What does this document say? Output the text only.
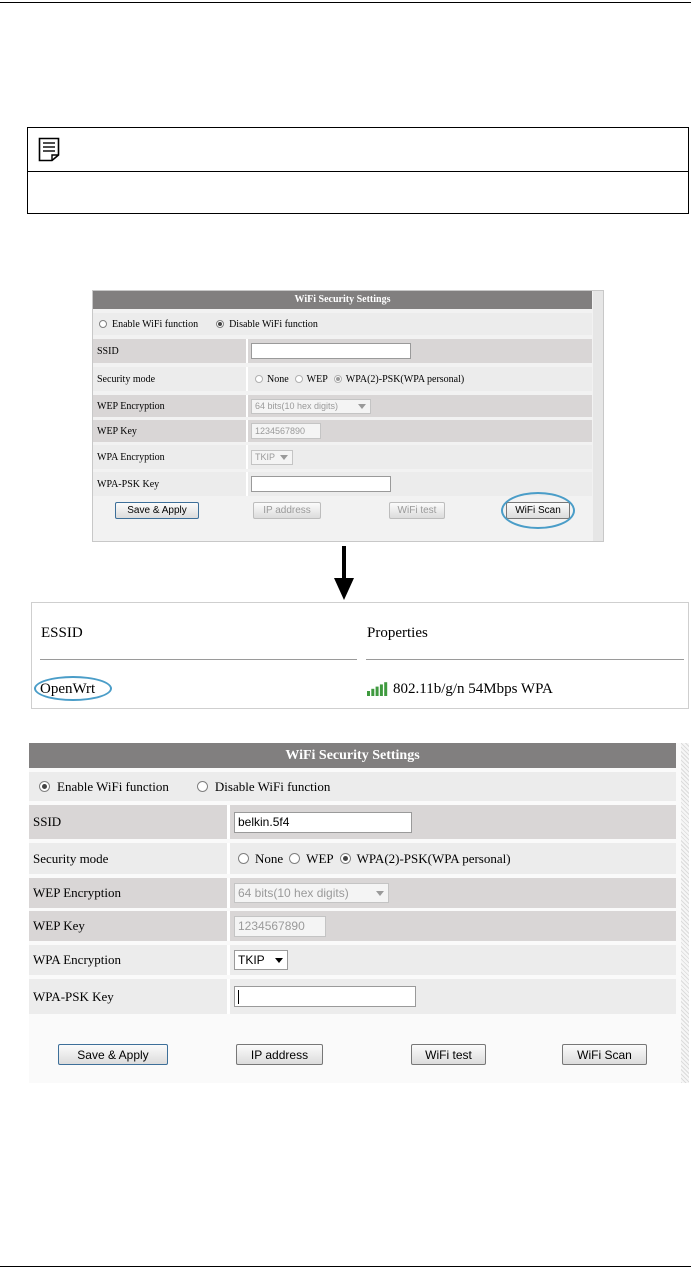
WiFi Security Settings
Enable WiFi function	Disable WiFi function
SSID
Security mode	None WEP WPA(2)-PSK(WPA personal)
WEP Encryption	64 bits(10 hex digits)
WEP Key	1234567890
WPA Encryption	TKIP
WPA-PSK Key
Save & Apply	IP address	WiFi test	WiFi Scan
ESSID	Properties
OpenWrt	802.11b/g/n 54Mbps WPA
WiFi Security Settings
Enable WiFi function	Disable WiFi function
SSID	belkin.5f4
Security mode	None WEP WPA(2)-PSK(WPA personal)
WEP Encryption	64 bits(10 hex digits)
WEP Key	1234567890
WPA Encryption	TKIP
WPA-PSK Key
Save & Apply	IP address	WiFi test	WiFi Scan
